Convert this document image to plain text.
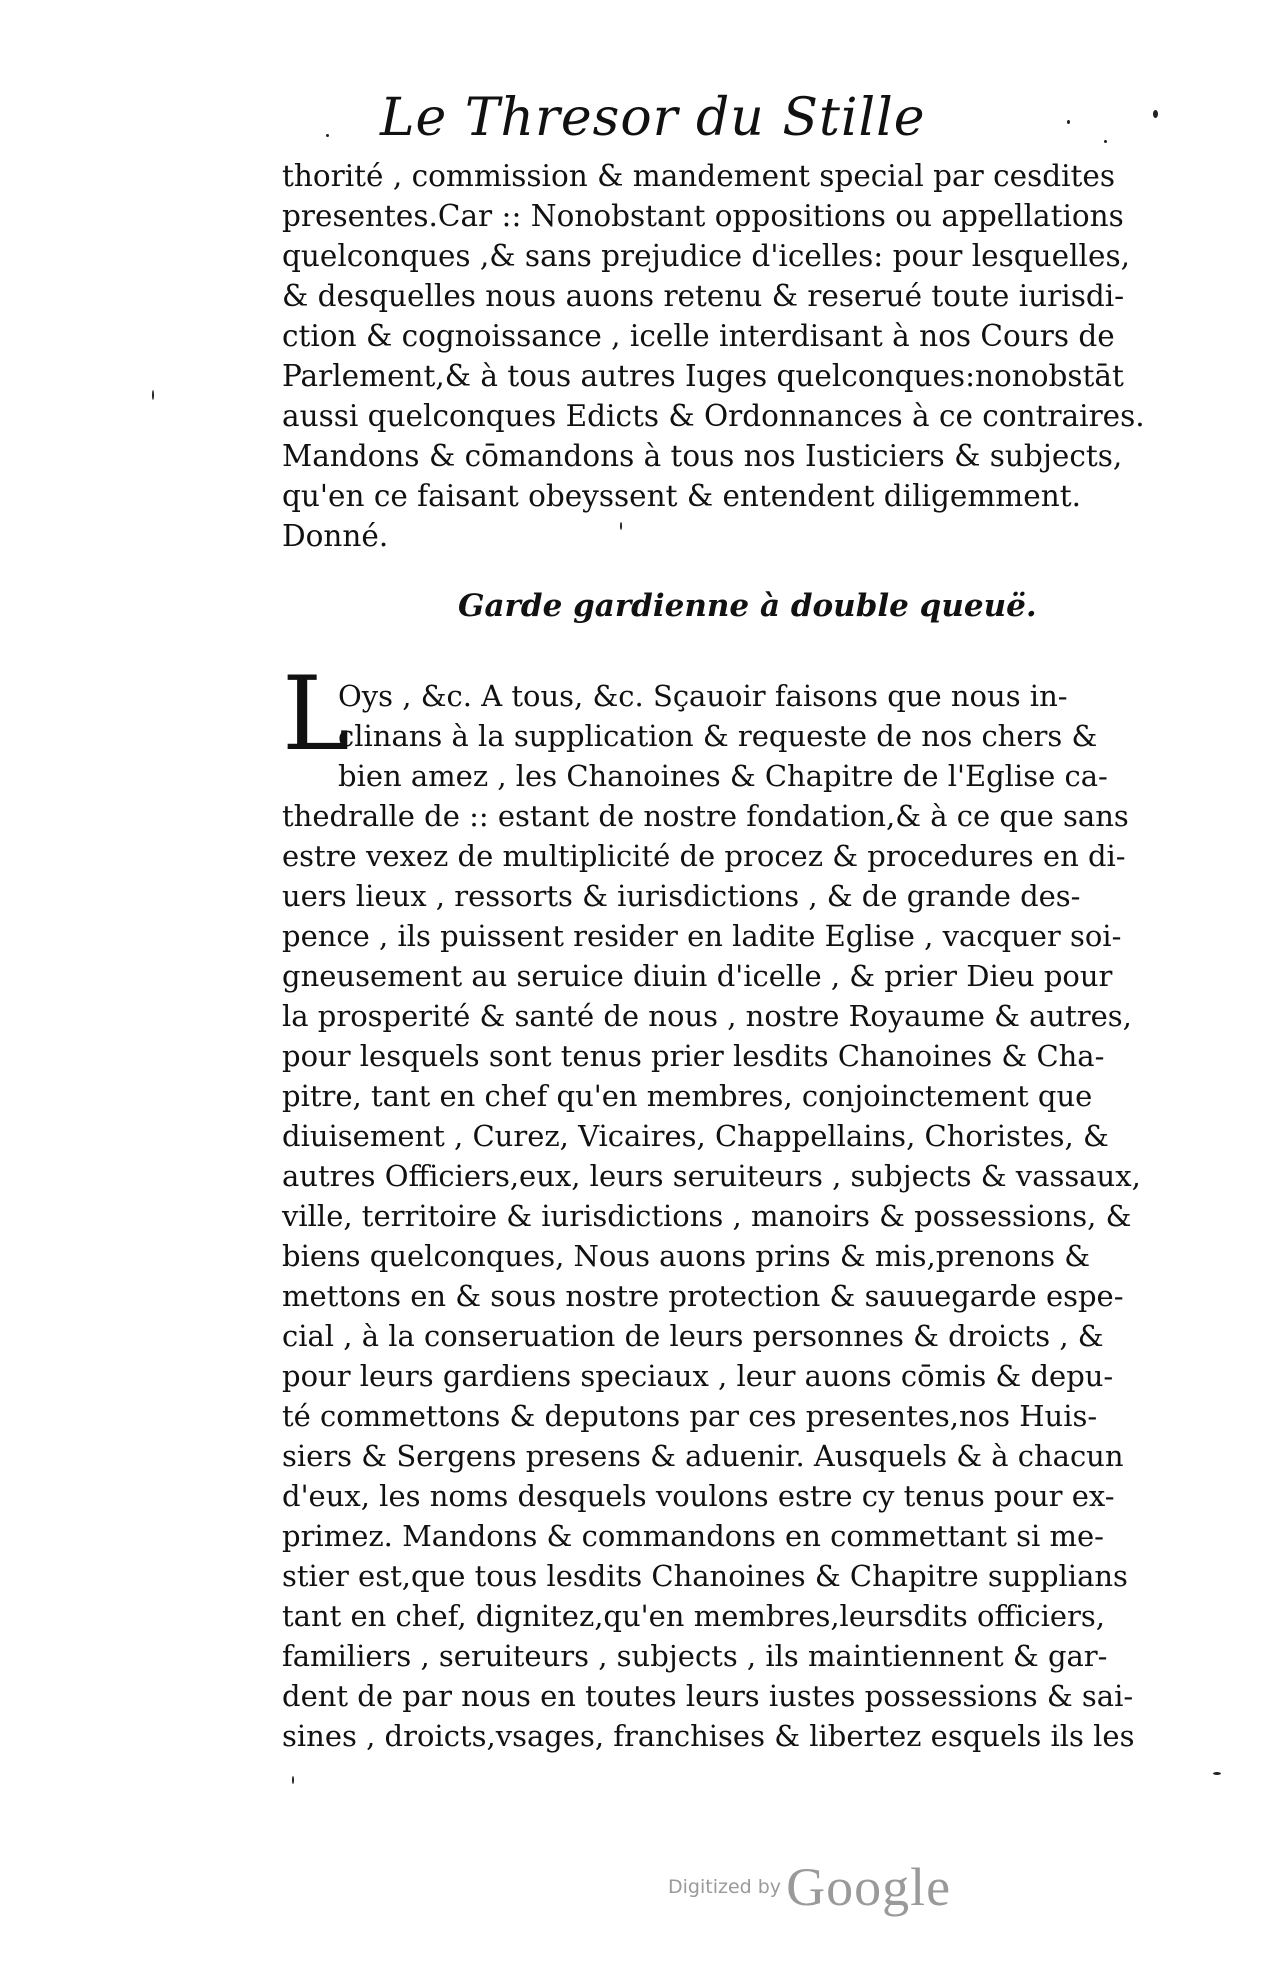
Le Thresor du Stille
thorité , commission & mandement special par cesdites
presentes.Car :: Nonobstant oppositions ou appellations
quelconques ,& sans prejudice d'icelles: pour lesquelles,
& desquelles nous auons retenu & reserué toute iurisdi-
ction & cognoissance , icelle interdisant à nos Cours de
Parlement,& à tous autres Iuges quelconques:nonobstāt
aussi quelconques Edicts & Ordonnances à ce contraires.
Mandons & cōmandons à tous nos Iusticiers & subjects,
qu'en ce faisant obeyssent & entendent diligemment.
Donné.
Garde gardienne à double queuë.
L
Oys , &c. A tous, &c. Sçauoir faisons que nous in-
clinans à la supplication & requeste de nos chers &
bien amez , les Chanoines & Chapitre de l'Eglise ca-
thedralle de :: estant de nostre fondation,& à ce que sans
estre vexez de multiplicité de procez & procedures en di-
uers lieux , ressorts & iurisdictions , & de grande des-
pence , ils puissent resider en ladite Eglise , vacquer soi-
gneusement au seruice diuin d'icelle , & prier Dieu pour
la prosperité & santé de nous , nostre Royaume & autres,
pour lesquels sont tenus prier lesdits Chanoines & Cha-
pitre, tant en chef qu'en membres, conjoinctement que
diuisement , Curez, Vicaires, Chappellains, Choristes, &
autres Officiers,eux, leurs seruiteurs , subjects & vassaux,
ville, territoire & iurisdictions , manoirs & possessions, &
biens quelconques, Nous auons prins & mis,prenons &
mettons en & sous nostre protection & sauuegarde espe-
cial , à la conseruation de leurs personnes & droicts , &
pour leurs gardiens speciaux , leur auons cōmis & depu-
té commettons & deputons par ces presentes,nos Huis-
siers & Sergens presens & aduenir. Ausquels & à chacun
d'eux, les noms desquels voulons estre cy tenus pour ex-
primez. Mandons & commandons en commettant si me-
stier est,que tous lesdits Chanoines & Chapitre supplians
tant en chef, dignitez,qu'en membres,leursdits officiers,
familiers , seruiteurs , subjects , ils maintiennent & gar-
dent de par nous en toutes leurs iustes possessions & sai-
sines , droicts,vsages, franchises & libertez esquels ils les
Digitized by Google
